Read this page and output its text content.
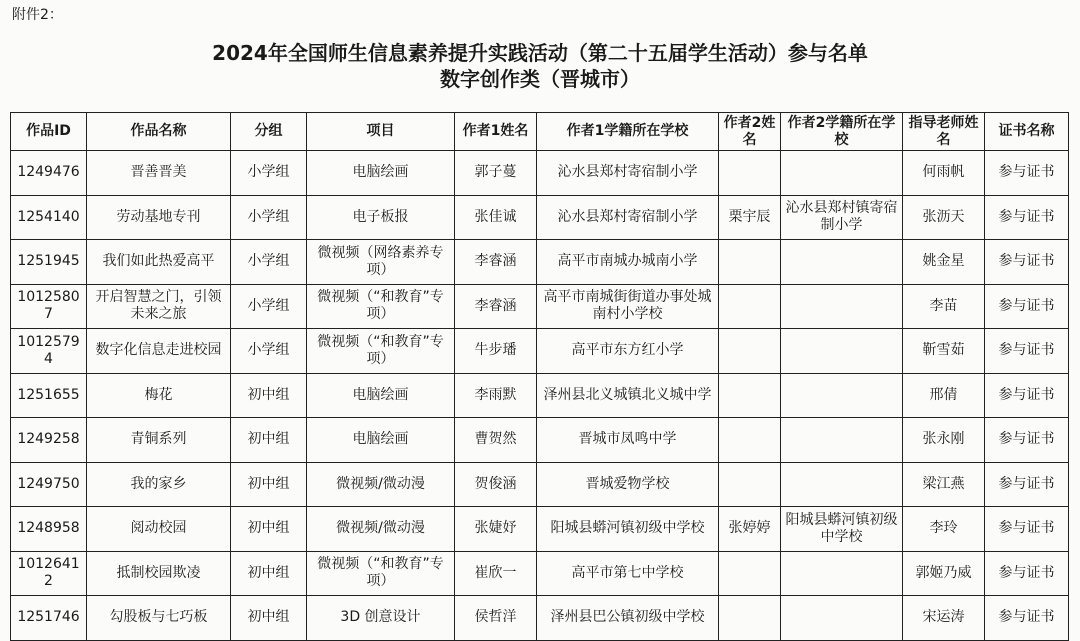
附件2：
2024年全国师生信息素养提升实践活动（第二十五届学生活动）参与名单
数字创作类（晋城市）
作品ID	作品名称	分组	项目	作者1姓名	作者1学籍所在学校	作者2姓名	作者2学籍所在学校	指导老师姓名	证书名称
1249476	晋善晋美	小学组	电脑绘画	郭子蔓	沁水县郑村寄宿制小学			何雨帆	参与证书
1254140	劳动基地专刊	小学组	电子板报	张佳诚	沁水县郑村寄宿制小学	栗宇辰	沁水县郑村镇寄宿制小学	张沥天	参与证书
1251945	我们如此热爱高平	小学组	微视频（网络素养专项）	李睿涵	高平市南城办城南小学			姚金星	参与证书
10125807	开启智慧之门，引领未来之旅	小学组	微视频（“和教育”专项）	李睿涵	高平市南城街街道办事处城南村小学校			李苗	参与证书
10125794	数字化信息走进校园	小学组	微视频（“和教育”专项）	牛步璠	高平市东方红小学			靳雪茹	参与证书
1251655	梅花	初中组	电脑绘画	李雨默	泽州县北义城镇北义城中学			邢倩	参与证书
1249258	青铜系列	初中组	电脑绘画	曹贺然	晋城市凤鸣中学			张永刚	参与证书
1249750	我的家乡	初中组	微视频/微动漫	贺俊涵	晋城爱物学校			梁江燕	参与证书
1248958	阅动校园	初中组	微视频/微动漫	张婕妤	阳城县蟒河镇初级中学校	张婷婷	阳城县蟒河镇初级中学校	李玲	参与证书
10126412	抵制校园欺凌	初中组	微视频（“和教育”专项）	崔欣一	高平市第七中学校			郭姬乃威	参与证书
1251746	勾股板与七巧板	初中组	3D 创意设计	侯哲洋	泽州县巴公镇初级中学校			宋运涛	参与证书
